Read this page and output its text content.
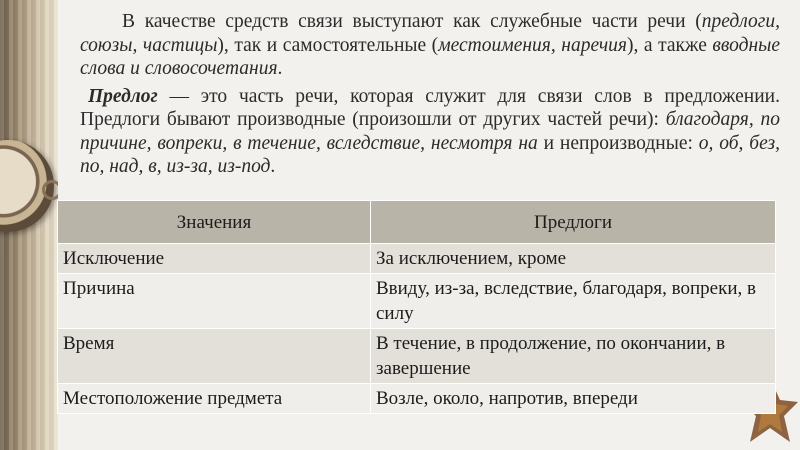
В качестве средств связи выступают как служебные части речи (предлоги, союзы, частицы), так и самостоятельные (местоимения, наречия), а также вводные слова и словосочетания.

Предлог — это часть речи, которая служит для связи слов в предложении. Предлоги бывают производные (произошли от других частей речи): благодаря, по причине, вопреки, в течение, вследствие, несмотря на и непроизводные: о, об, без, по, над, в, из-за, из-под.

Значения	Предлоги
Исключение	За исключением, кроме
Причина	Ввиду, из-за, вследствие, благодаря, вопреки, в силу
Время	В течение, в продолжение, по окончании, в завершение
Местоположение предмета	Возле, около, напротив, впереди
